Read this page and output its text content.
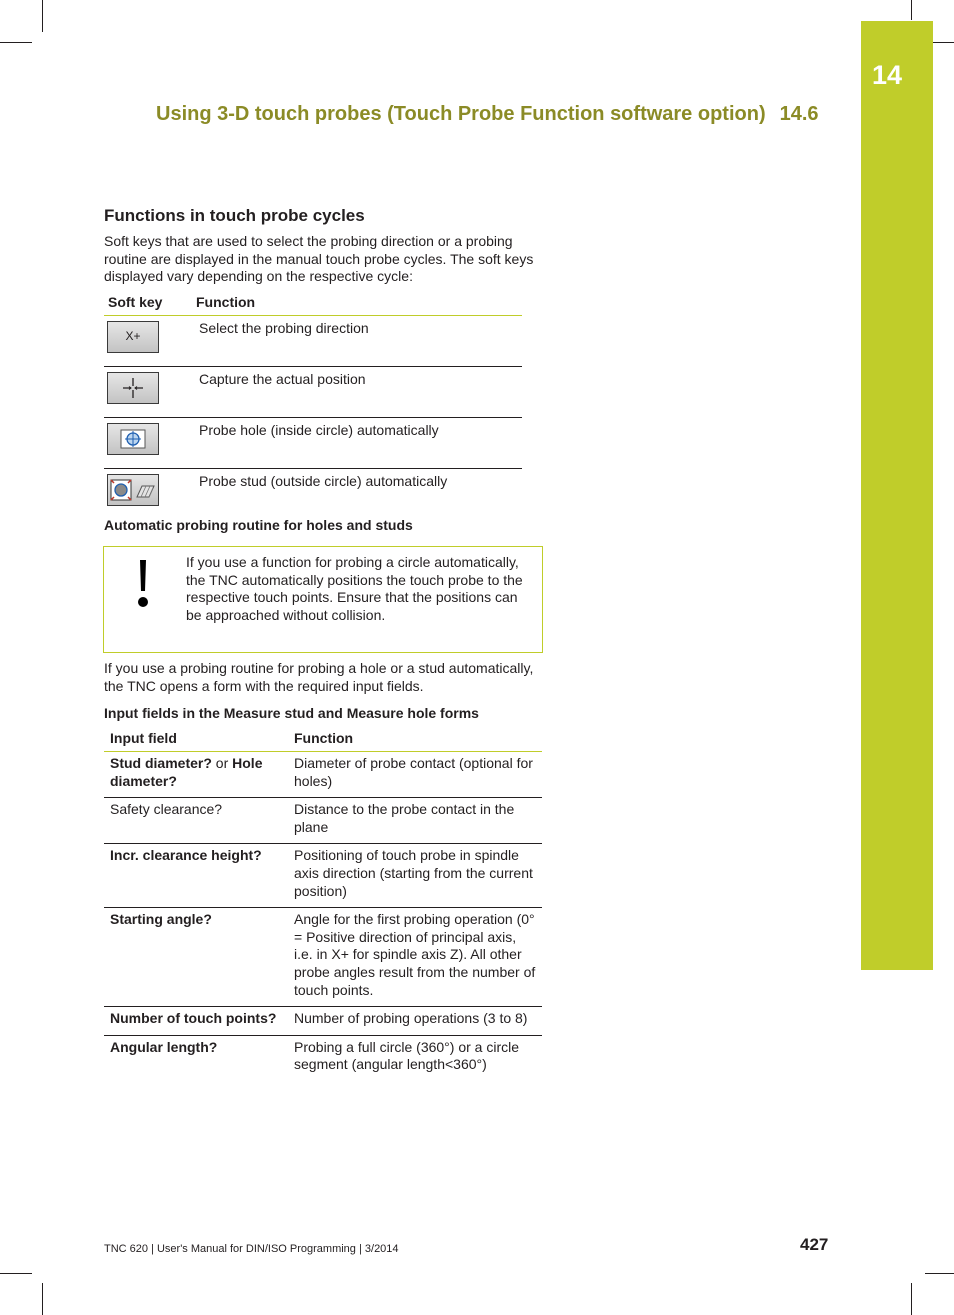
14
Using 3-D touch probes (Touch Probe Function software option) 14.6
Functions in touch probe cycles
Soft keys that are used to select the probing direction or a probing routine are displayed in the manual touch probe cycles. The soft keys displayed vary depending on the respective cycle:
Soft key	Function

X+	Select the probing direction

	Capture the actual position

	Probe hole (inside circle) automatically

	Probe stud (outside circle) automatically
Automatic probing routine for holes and studs
If you use a function for probing a circle automatically, the TNC automatically positions the touch probe to the respective touch points. Ensure that the positions can be approached without collision.
If you use a probing routine for probing a hole or a stud automatically, the TNC opens a form with the required input fields.
Input fields in the Measure stud and Measure hole forms
Input field	Function
Stud diameter? or Hole diameter?	Diameter of probe contact (optional for holes)
Safety clearance?	Distance to the probe contact in the plane
Incr. clearance height?	Positioning of touch probe in spindle axis direction (starting from the current position)
Starting angle?	Angle for the first probing operation (0° = Positive direction of principal axis, i.e. in X+ for spindle axis Z). All other probe angles result from the number of touch points.
Number of touch points?	Number of probing operations (3 to 8)
Angular length?	Probing a full circle (360°) or a circle segment (angular length<360°)
TNC 620 | User's Manual for DIN/ISO Programming | 3/2014	427
